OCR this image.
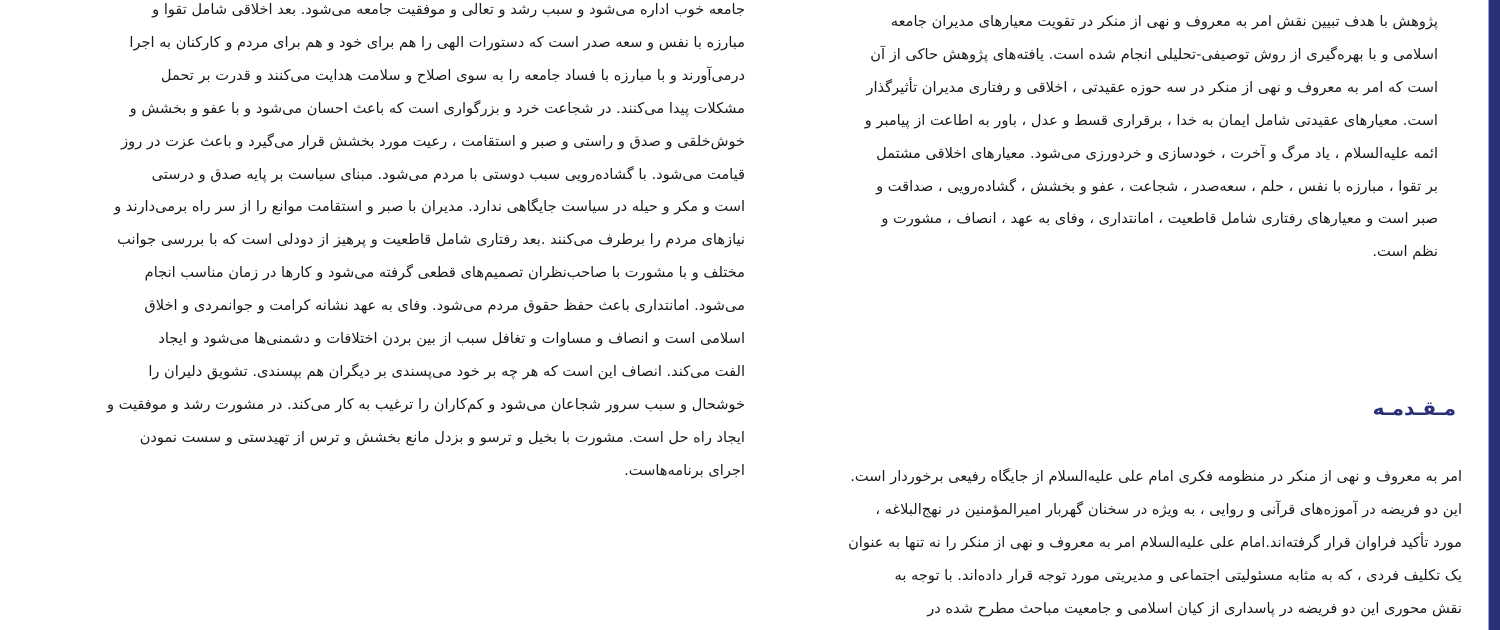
جامعه خوب اداره می‌شود و سبب رشد و تعالی و موفقیت جامعه می‌شود. بعد اخلاقی شامل تقوا و
مبارزه با نفس و سعه صدر است که دستورات الهی را هم برای خود و هم برای مردم و کارکنان به اجرا
درمی‌آورند و با مبارزه با فساد جامعه را به سوی اصلاح و سلامت هدایت می‌کنند و قدرت بر تحمل
مشکلات پیدا می‌کنند. در شجاعت خرد و بزرگواری است که باعث احسان می‌شود و با عفو و بخشش و
خوش‌خلقی و صدق و راستی و صبر و استقامت ، رعیت مورد بخشش قرار می‌گیرد و باعث عزت در روز
قیامت می‌شود. با گشاده‌رویی سبب دوستی با مردم می‌شود. مبنای سیاست بر پایه صدق و درستی
است و مکر و حیله در سیاست جایگاهی ندارد. مدیران با صبر و استقامت موانع را از سر راه برمی‌دارند و
نیازهای مردم را برطرف می‌کنند .بعد رفتاری شامل قاطعیت و پرهیز از دودلی است که با بررسی جوانب
مختلف و با مشورت با صاحب‌نظران تصمیم‌های قطعی گرفته می‌شود و کارها در زمان مناسب انجام
می‌شود. امانتداری باعث حفظ حقوق مردم می‌شود. وفای به عهد نشانه کرامت و جوانمردی و اخلاق
اسلامی است و انصاف و مساوات و تغافل سبب از بین بردن اختلافات و دشمنی‌ها می‌شود و ایجاد
الفت می‌کند. انصاف این است که هر چه بر خود می‌پسندی بر دیگران هم بپسندی. تشویق دلیران را
خوشحال و سبب سرور شجاعان می‌شود و کم‌کاران را ترغیب به کار می‌کند. در مشورت رشد و موفقیت و
ایجاد راه حل است. مشورت با بخیل و ترسو و بزدل مانع بخشش و ترس از تهیدستی و سست نمودن
اجرای برنامه‌هاست.

پژوهش با هدف تبیین نقش امر به معروف و نهی از منکر در تقویت معیارهای مدیران جامعه
اسلامی و با بهره‌گیری از روش توصیفی-تحلیلی انجام شده است. یافته‌های پژوهش حاکی از آن
است که امر به معروف و نهی از منکر در سه حوزه عقیدتی ، اخلاقی و رفتاری مدیران تأثیرگذار
است. معیارهای عقیدتی شامل ایمان به خدا ، برقراری قسط و عدل ، باور به اطاعت از پیامبر و
ائمه علیه‌السلام ، یاد مرگ و آخرت ، خودسازی و خردورزی می‌شود. معیارهای اخلاقی مشتمل
بر تقوا ، مبارزه با نفس ، حلم ، سعه‌صدر ، شجاعت ، عفو و بخشش ، گشاده‌رویی ، صداقت و
صبر است و معیارهای رفتاری شامل قاطعیت ، امانتداری ، وفای به عهد ، انصاف ، مشورت و
نظم است.

مـقـدمـه

امر به معروف و نهی از منکر در منظومه فکری امام علی علیه‌السلام از جایگاه رفیعی برخوردار است.
این دو فریضه در آموزه‌های قرآنی و روایی ، به ویژه در سخنان گهربار امیرالمؤمنین در نهج‌البلاغه ،
مورد تأکید فراوان قرار گرفته‌اند.امام علی علیه‌السلام امر به معروف و نهی از منکر را نه تنها به عنوان
یک تکلیف فردی ، که به مثابه مسئولیتی اجتماعی و مدیریتی مورد توجه قرار داده‌اند. با توجه به
نقش محوری این دو فریضه در پاسداری از کیان اسلامی و جامعیت مباحث مطرح شده در
